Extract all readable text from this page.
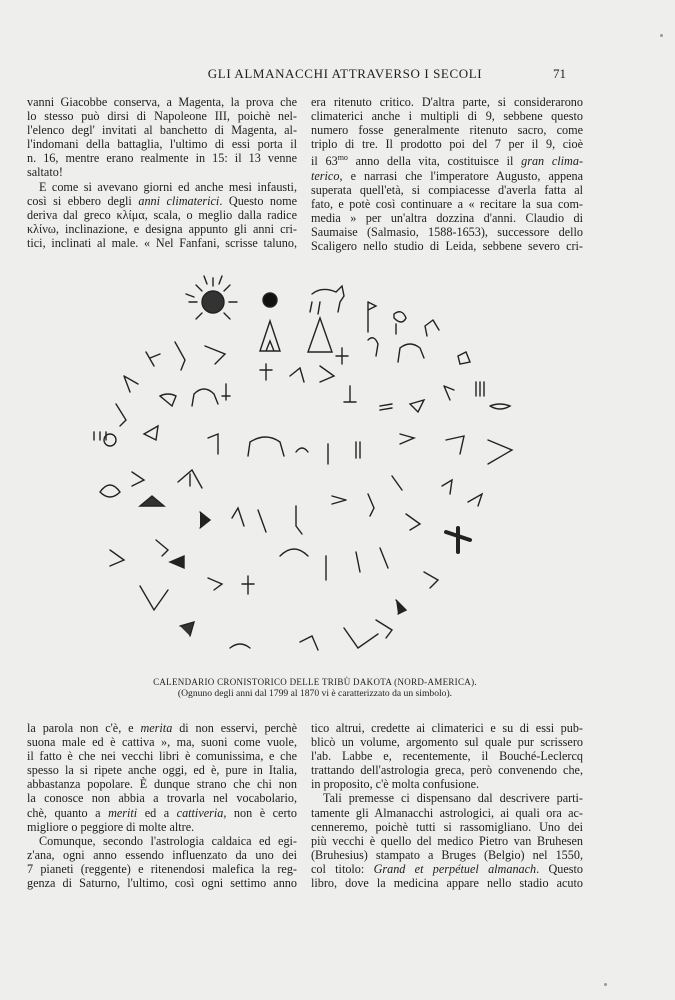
GLI ALMANACCHI ATTRAVERSO I SECOLI	71
vanni Giacobbe conserva, a Magenta, la prova che
lo stesso può dirsi di Napoleone III, poichè nel-
l'elenco degl' invitati al banchetto di Magenta, al-
l'indomani della battaglia, l'ultimo di essi porta il
n. 16, mentre erano realmente in 15: il 13 venne
saltato!
E come si avevano giorni ed anche mesi infausti,
così si ebbero degli anni climaterici. Questo nome
deriva dal greco κλίμα, scala, o meglio dalla radice
κλίνω, inclinazione, e designa appunto gli anni cri-
tici, inclinati al male. « Nel Fanfani, scrisse taluno,
era ritenuto critico. D'altra parte, si considerarono
climaterici anche i multipli di 9, sebbene questo
numero fosse generalmente ritenuto sacro, come
triplo di tre. Il prodotto poi del 7 per il 9, cioè
il $63^{mo}$ anno della vita, costituisce il gran clima-
terico, e narrasi che l'imperatore Augusto, appena
superata quell'età, si compiacesse d'averla fatta al
fato, e potè così continuare a « recitare la sua com-
media » per un'altra dozzina d'anni. Claudio di
Saumaise (Salmasio, 1588-1653), successore dello
Scaligero nello studio di Leida, sebbene severo cri-
CALENDARIO CRONISTORICO DELLE TRIBÙ DAKOTA (NORD-AMERICA).
(Ognuno degli anni dal 1799 al 1870 vi è caratterizzato da un simbolo).
la parola non c'è, e merita di non esservi, perchè
suona male ed è cattiva », ma, suoni come vuole,
il fatto è che nei vecchi libri è comunissima, e che
spesso la si ripete anche oggi, ed è, pure in Italia,
abbastanza popolare. È dunque strano che chi non
la conosce non abbia a trovarla nel vocabolario,
chè, quanto a meriti ed a cattiveria, non è certo
migliore o peggiore di molte altre.
Comunque, secondo l'astrologia caldaica ed egi-
z'ana, ogni anno essendo influenzato da uno dei
7 pianeti (reggente) e ritenendosi malefica la reg-
genza di Saturno, l'ultimo, così ogni settimo anno
tico altrui, credette ai climaterici e su di essi pub-
blicò un volume, argomento sul quale pur scrissero
l'ab. Labbe e, recentemente, il Bouché-Leclercq
trattando dell'astrologia greca, però convenendo che,
in proposito, c'è molta confusione.
Tali premesse ci dispensano dal descrivere parti-
tamente gli Almanacchi astrologici, ai quali ora ac-
cenneremo, poichè tutti si rassomigliano. Uno dei
più vecchi è quello del medico Pietro van Bruhesen
(Bruhesius) stampato a Bruges (Belgio) nel 1550,
col titolo: Grand et perpétuel almanach. Questo
libro, dove la medicina appare nello stadio acuto
